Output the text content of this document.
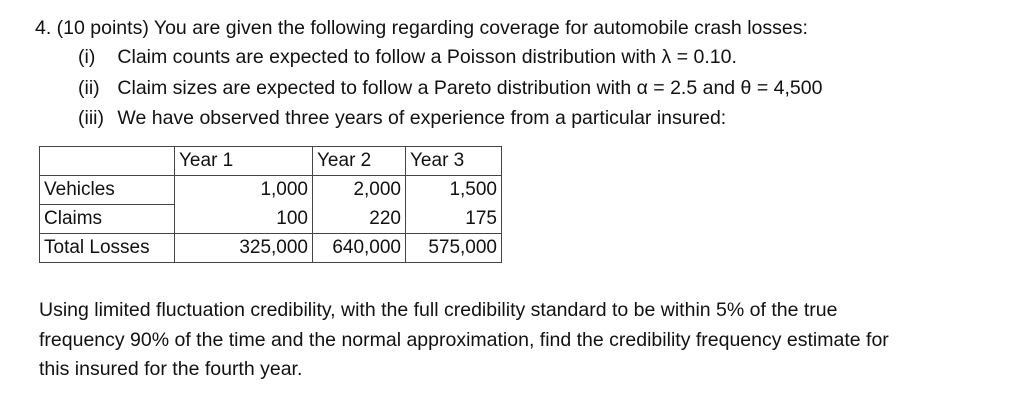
4. (10 points) You are given the following regarding coverage for automobile crash losses:
(i) Claim counts are expected to follow a Poisson distribution with λ = 0.10.
(ii) Claim sizes are expected to follow a Pareto distribution with α = 2.5 and θ = 4,500
(iii) We have observed three years of experience from a particular insured:
	Year 1	Year 2	Year 3
Vehicles	1,000	2,000	1,500
Claims	100	220	175
Total Losses	325,000	640,000	575,000
Using limited fluctuation credibility, with the full credibility standard to be within 5% of the true
frequency 90% of the time and the normal approximation, find the credibility frequency estimate for
this insured for the fourth year.
